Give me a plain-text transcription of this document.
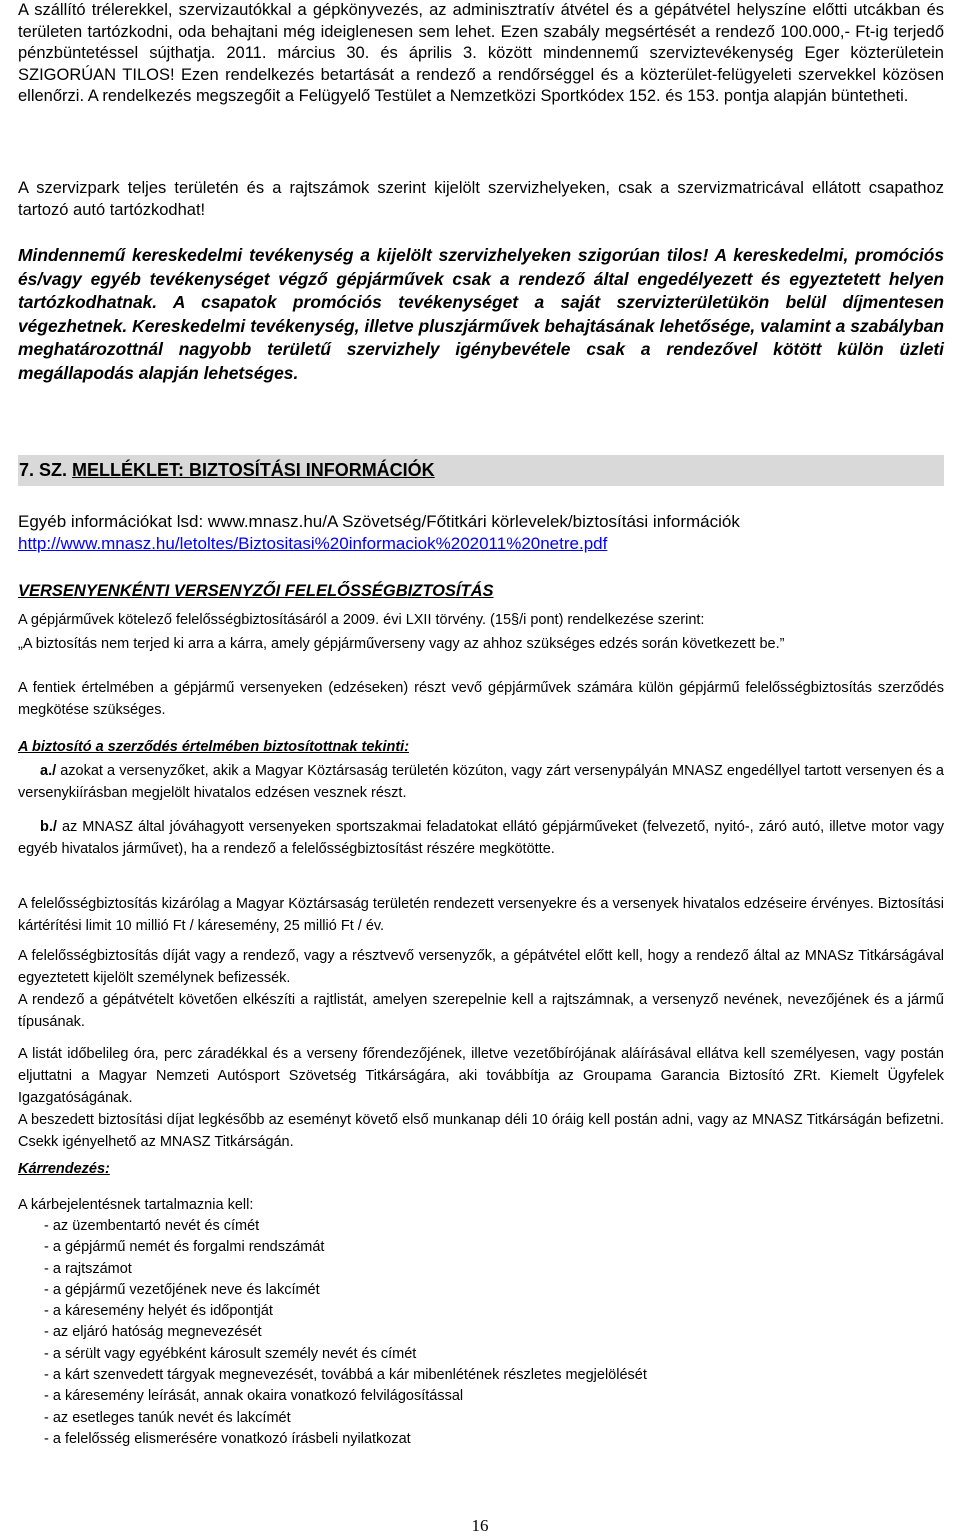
A szállító trélerekkel, szervizautókkal a gépkönyvezés, az adminisztratív átvétel és a gépátvétel helyszíne előtti utcákban és területen tartózkodni, oda behajtani még ideiglenesen sem lehet. Ezen szabály megsértését a rendező 100.000,- Ft-ig terjedő pénzbüntetéssel sújthatja. 2011. március 30. és április 3. között mindennemű szerviztevékenység Eger közterületein SZIGORÚAN TILOS! Ezen rendelkezés betartását a rendező a rendőrséggel és a közterület-felügyeleti szervekkel közösen ellenőrzi. A rendelkezés megszegőit a Felügyelő Testület a Nemzetközi Sportkódex 152. és 153. pontja alapján büntetheti.

A szervizpark teljes területén és a rajtszámok szerint kijelölt szervizhelyeken, csak a szervizmatricával ellátott csapathoz tartozó autó tartózkodhat!

Mindennemű kereskedelmi tevékenység a kijelölt szervizhelyeken szigorúan tilos! A kereskedelmi, promóciós és/vagy egyéb tevékenységet végző gépjárművek csak a rendező által engedélyezett és egyeztetett helyen tartózkodhatnak. A csapatok promóciós tevékenységet a saját szervizterületükön belül díjmentesen végezhetnek. Kereskedelmi tevékenység, illetve pluszjárművek behajtásának lehetősége, valamint a szabályban meghatározottnál nagyobb területű szervizhely igénybevétele csak a rendezővel kötött külön üzleti megállapodás alapján lehetséges.

7. SZ. MELLÉKLET: BIZTOSÍTÁSI INFORMÁCIÓK

Egyéb információkat lsd: www.mnasz.hu/A Szövetség/Főtitkári körlevelek/biztosítási információk

http://www.mnasz.hu/letoltes/Biztositasi%20informaciok%202011%20netre.pdf

VERSENYENKÉNTI VERSENYZŐI FELELŐSSÉGBIZTOSÍTÁS

A gépjárművek kötelező felelősségbiztosításáról a 2009. évi LXII törvény. (15§/i pont) rendelkezése szerint:

„A biztosítás nem terjed ki arra a kárra, amely gépjárműverseny vagy az ahhoz szükséges edzés során következett be.”

A fentiek értelmében a gépjármű versenyeken (edzéseken) részt vevő gépjárművek számára külön gépjármű felelősségbiztosítás szerződés megkötése szükséges.

A biztosító a szerződés értelmében biztosítottnak tekinti:

a./ azokat a versenyzőket, akik a Magyar Köztársaság területén közúton, vagy zárt versenypályán MNASZ engedéllyel tartott versenyen és a versenykiírásban megjelölt hivatalos edzésen vesznek részt.

b./ az MNASZ által jóváhagyott versenyeken sportszakmai feladatokat ellátó gépjárműveket (felvezető, nyitó-, záró autó, illetve motor vagy egyéb hivatalos járművet), ha a rendező a felelősségbiztosítást részére megkötötte.

A felelősségbiztosítás kizárólag a Magyar Köztársaság területén rendezett versenyekre és a versenyek hivatalos edzéseire érvényes. Biztosítási kártérítési limit 10 millió Ft / káresemény, 25 millió Ft / év.

A felelősségbiztosítás díját vagy a rendező, vagy a résztvevő versenyzők, a gépátvétel előtt kell, hogy a rendező által az MNASz Titkárságával egyeztetett kijelölt személynek befizessék.

A rendező a gépátvételt követően elkészíti a rajtlistát, amelyen szerepelnie kell a rajtszámnak, a versenyző nevének, nevezőjének és a jármű típusának.

A listát időbelileg óra, perc záradékkal és a verseny főrendezőjének, illetve vezetőbírójának aláírásával ellátva kell személyesen, vagy postán eljuttatni a Magyar Nemzeti Autósport Szövetség Titkárságára, aki továbbítja az Groupama Garancia Biztosító ZRt. Kiemelt Ügyfelek Igazgatóságának.

A beszedett biztosítási díjat legkésőbb az eseményt követő első munkanap déli 10 óráig kell postán adni, vagy az MNASZ Titkárságán befizetni. Csekk igényelhető az MNASZ Titkárságán.

Kárrendezés:

A kárbejelentésnek tartalmaznia kell:

- az üzembentartó nevét és címét
- a gépjármű nemét és forgalmi rendszámát
- a rajtszámot
- a gépjármű vezetőjének neve és lakcímét
- a káresemény helyét és időpontját
- az eljáró hatóság megnevezését
- a sérült vagy egyébként károsult személy nevét és címét
- a kárt szenvedett tárgyak megnevezését, továbbá a kár mibenlétének részletes megjelölését
- a káresemény leírását, annak okaira vonatkozó felvilágosítással
- az esetleges tanúk nevét és lakcímét
- a felelősség elismerésére vonatkozó írásbeli nyilatkozat
16
